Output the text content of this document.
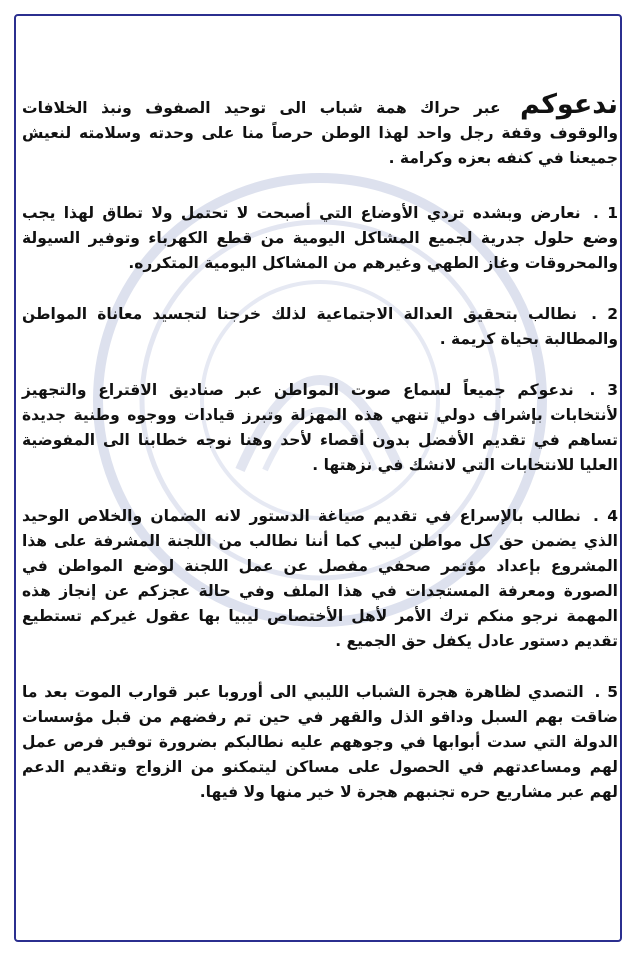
ندعوكم عبر حراك همة شباب الى توحيد الصفوف ونبذ الخلافات والوقوف وقفة رجل واحد لهذا الوطن حرصاً منا على وحدته وسلامته لنعيش جميعنا في كنفه بعزه وكرامة .

1 . نعارض وبشده تردي الأوضاع التي أصبحت لا تحتمل ولا تطاق لهذا يجب وضع حلول جدرية لجميع المشاكل اليومية من قطع الكهرباء وتوفير السيولة والمحروقات وغاز الطهي وغيرهم من المشاكل اليومية المتكرره.

2 . نطالب بتحقيق العدالة الاجتماعية لذلك خرجنا لتجسيد معاناة المواطن والمطالبة بحياة كريمة .

3 . ندعوكم جميعاً لسماع صوت المواطن عبر صناديق الاقتراع والتجهيز لأنتخابات بإشراف دولي تنهي هذه المهزلة وتبرز قيادات ووجوه وطنية جديدة تساهم في تقديم الأفضل بدون أقصاء لأحد وهنا نوجه خطابنا الى المفوضية العليا للانتخابات التي لانشك في نزهتها .

4 . نطالب بالإسراع في تقديم صياغة الدستور لانه الضمان والخلاص الوحيد الذي يضمن حق كل مواطن ليبي كما أننا نطالب من اللجنة المشرفة على هذا المشروع بإعداد مؤتمر صحفي مفصل عن عمل اللجنة لوضع المواطن في الصورة ومعرفة المستجدات في هذا الملف وفي حالة عجزكم عن إنجاز هذه المهمة نرجو منكم ترك الأمر لأهل الأختصاص ليبيا بها عقول غيركم تستطيع تقديم دستور عادل يكفل حق الجميع .

5 . التصدي لظاهرة هجرة الشباب الليبي الى أوروبا عبر قوارب الموت بعد ما ضاقت بهم السبل وداقو الذل والقهر في حين تم رفضهم من قبل مؤسسات الدولة التي سدت أبوابها في وجوههم عليه نطالبكم بضرورة توفير فرص عمل لهم ومساعدتهم في الحصول على مساكن ليتمكنو من الزواج وتقديم الدعم لهم عبر مشاريع حره تجنبهم هجرة لا خير منها ولا فيها.
